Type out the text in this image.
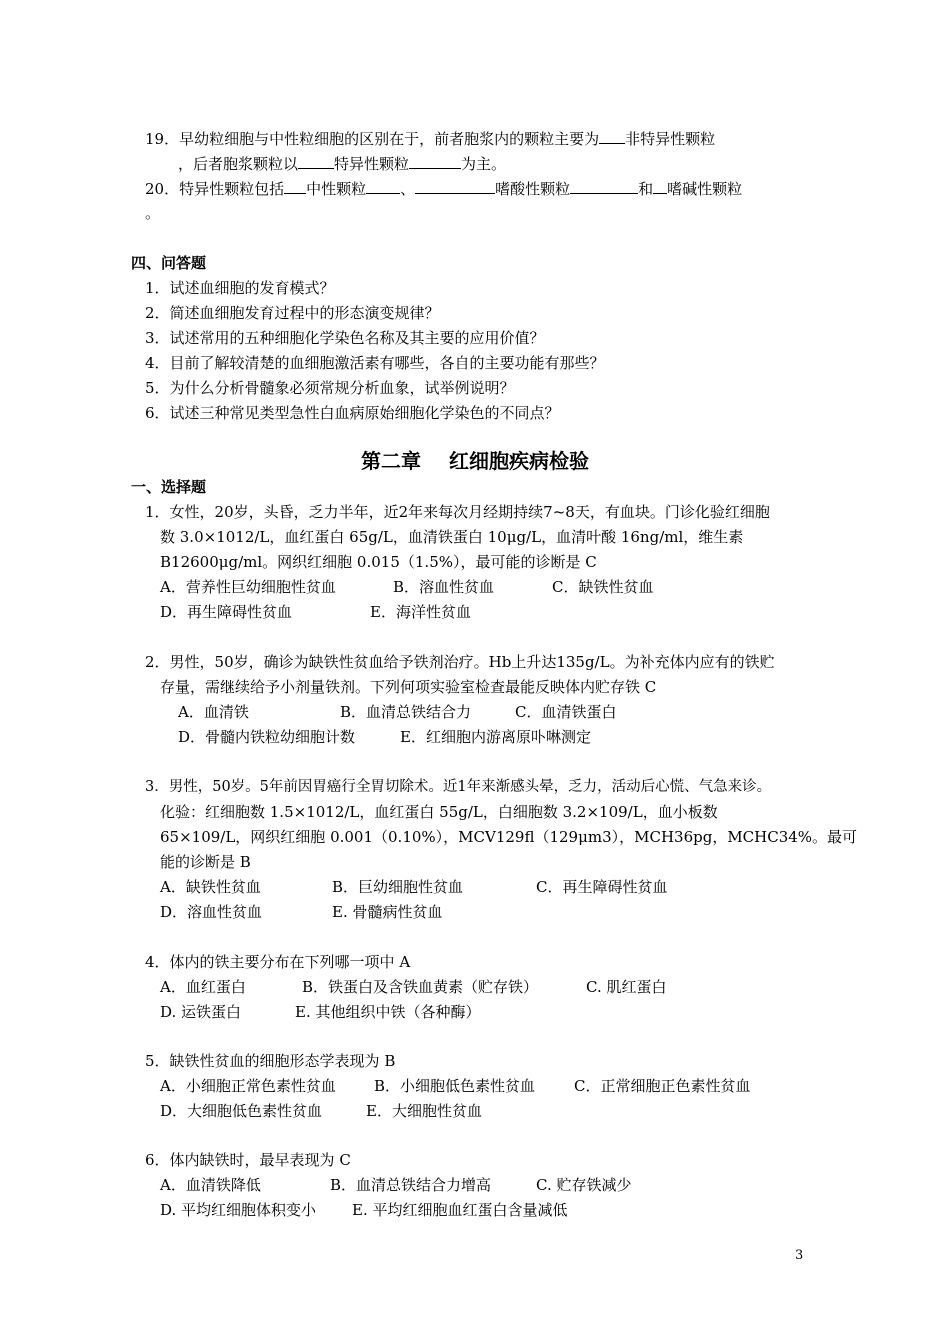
19．早幼粒细胞与中性粒细胞的区别在于，前者胞浆内的颗粒主要为 非特异性颗粒
，后者胞浆颗粒以 特异性颗粒	为主。
20．特异性颗粒包括 中性颗粒 、	嗜酸性颗粒	和 嗜碱性颗粒
。
四、问答题
1．试述血细胞的发育模式？
2．简述血细胞发育过程中的形态演变规律？
3．试述常用的五种细胞化学染色名称及其主要的应用价值？
4．目前了解较清楚的血细胞激活素有哪些，各自的主要功能有那些？
5．为什么分析骨髓象必须常规分析血象，试举例说明？
6．试述三种常见类型急性白血病原始细胞化学染色的不同点？
第二章 红细胞疾病检验
一、选择题
1．女性，20岁，头昏，乏力半年，近2年来每次月经期持续7~8天，有血块。门诊化验红细胞
数 3.0×1012/L，血红蛋白 65g/L，血清铁蛋白 10μg/L，血清叶酸 16ng/ml，维生素
B12600μg/ml。网织红细胞 0.015（1.5%），最可能的诊断是 C
A．营养性巨幼细胞性贫血	B．溶血性贫血	C．缺铁性贫血
D．再生障碍性贫血	E．海洋性贫血
2．男性，50岁，确诊为缺铁性贫血给予铁剂治疗。Hb上升达135g/L。为补充体内应有的铁贮
存量，需继续给予小剂量铁剂。下列何项实验室检查最能反映体内贮存铁 C
A．血清铁	B．血清总铁结合力	C．血清铁蛋白
D．骨髓内铁粒幼细胞计数	E．红细胞内游离原卟啉测定
3．男性，50岁。5年前因胃癌行全胃切除术。近1年来渐感头晕，乏力，活动后心慌、气急来诊。
化验：红细胞数 1.5×1012/L，血红蛋白 55g/L，白细胞数 3.2×109/L，血小板数
65×109/L，网织红细胞 0.001（0.10%），MCV129fl（129μm3），MCH36pg，MCHC34%。最可
能的诊断是 B
A．缺铁性贫血	B．巨幼细胞性贫血	C．再生障碍性贫血
D．溶血性贫血	E. 骨髓病性贫血
4．体内的铁主要分布在下列哪一项中 A
A．血红蛋白	B．铁蛋白及含铁血黄素（贮存铁）	C. 肌红蛋白
D. 运铁蛋白	E. 其他组织中铁（各种酶）
5．缺铁性贫血的细胞形态学表现为 B
A．小细胞正常色素性贫血	B．小细胞低色素性贫血	C．正常细胞正色素性贫血
D．大细胞低色素性贫血	E．大细胞性贫血
6．体内缺铁时，最早表现为 C
A．血清铁降低	B．血清总铁结合力增高	C. 贮存铁减少
D. 平均红细胞体积变小 E. 平均红细胞血红蛋白含量减低
3
